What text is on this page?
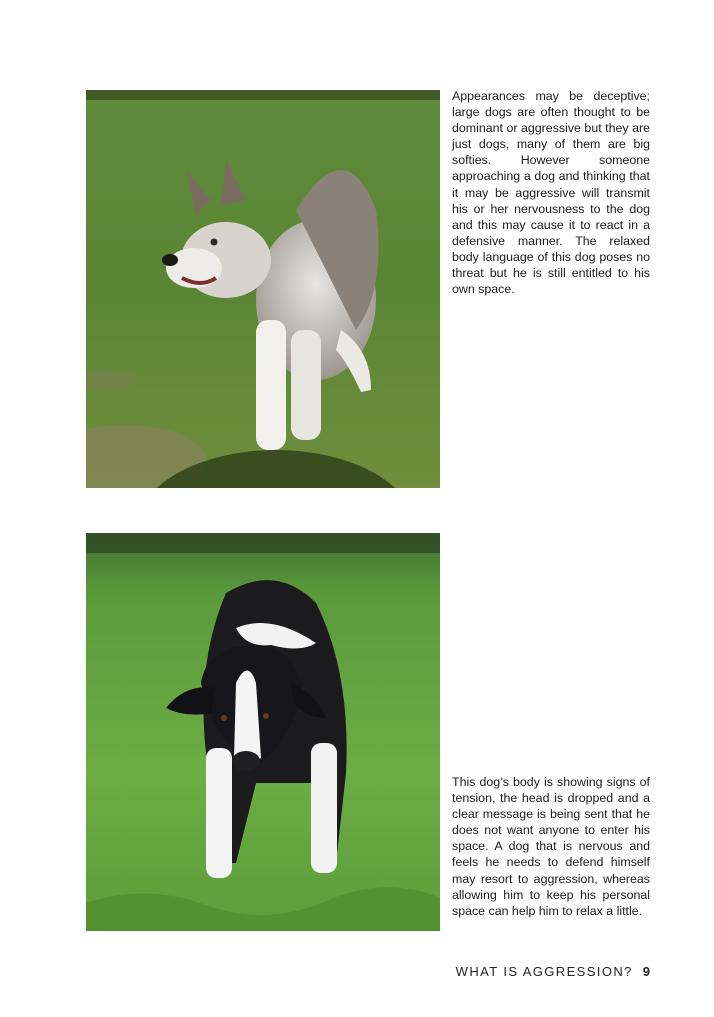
Appearances may be deceptive; large dogs are often thought to be dominant or aggressive but they are just dogs, many of them are big softies. However someone approaching a dog and thinking that it may be aggressive will transmit his or her nervousness to the dog and this may cause it to react in a defensive manner. The relaxed body language of this dog poses no threat but he is still entitled to his own space.

This dog’s body is showing signs of tension, the head is dropped and a clear message is being sent that he does not want anyone to enter his space. A dog that is nervous and feels he needs to defend himself may resort to aggression, whereas allowing him to keep his personal space can help him to relax a little.

WHAT IS AGGRESSION? 9
